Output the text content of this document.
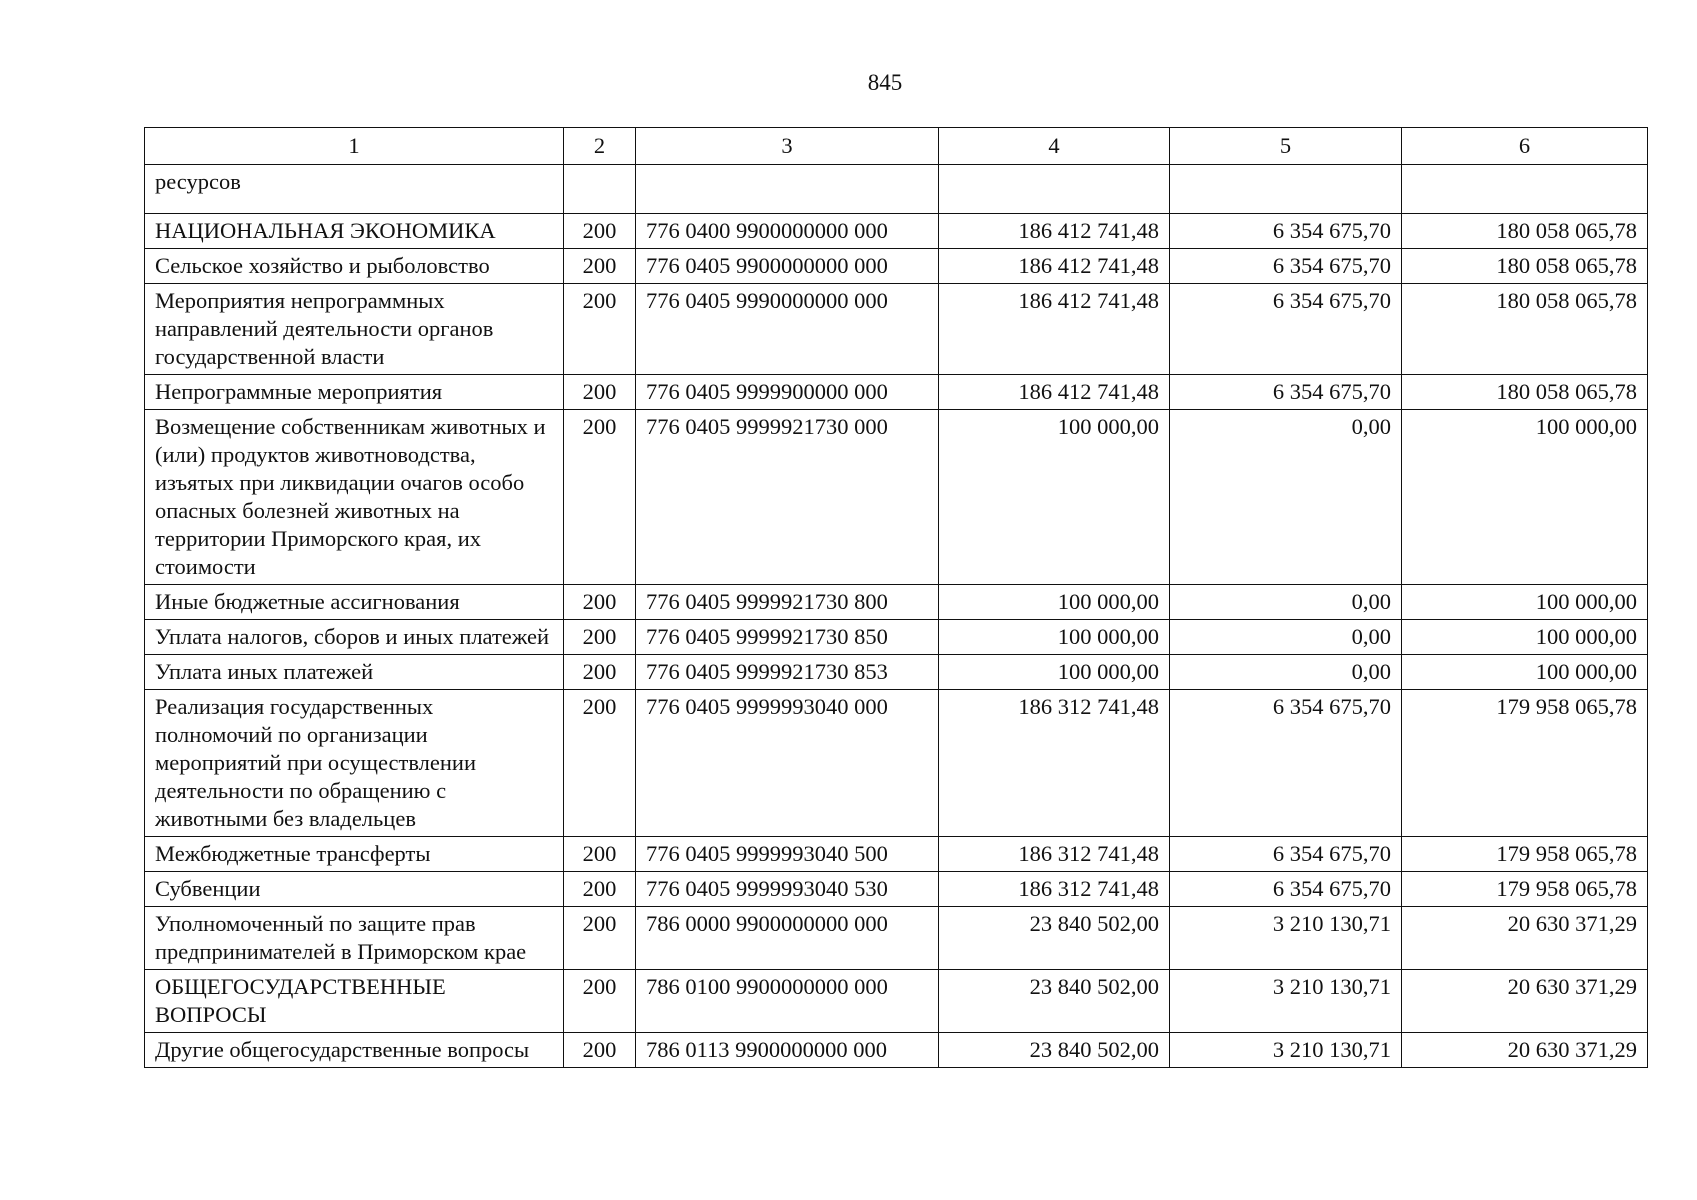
845
1	2	3	4	5	6
ресурсов					
НАЦИОНАЛЬНАЯ ЭКОНОМИКА	200	776 0400 9900000000 000	186 412 741,48	6 354 675,70	180 058 065,78
Сельское хозяйство и рыболовство	200	776 0405 9900000000 000	186 412 741,48	6 354 675,70	180 058 065,78
Мероприятия непрограммных направлений деятельности органов государственной власти	200	776 0405 9990000000 000	186 412 741,48	6 354 675,70	180 058 065,78
Непрограммные мероприятия	200	776 0405 9999900000 000	186 412 741,48	6 354 675,70	180 058 065,78
Возмещение собственникам животных и (или) продуктов животноводства, изъятых при ликвидации очагов особо опасных болезней животных на территории Приморского края, их стоимости	200	776 0405 9999921730 000	100 000,00	0,00	100 000,00
Иные бюджетные ассигнования	200	776 0405 9999921730 800	100 000,00	0,00	100 000,00
Уплата налогов, сборов и иных платежей	200	776 0405 9999921730 850	100 000,00	0,00	100 000,00
Уплата иных платежей	200	776 0405 9999921730 853	100 000,00	0,00	100 000,00
Реализация государственных полномочий по организации мероприятий при осуществлении деятельности по обращению с животными без владельцев	200	776 0405 9999993040 000	186 312 741,48	6 354 675,70	179 958 065,78
Межбюджетные трансферты	200	776 0405 9999993040 500	186 312 741,48	6 354 675,70	179 958 065,78
Субвенции	200	776 0405 9999993040 530	186 312 741,48	6 354 675,70	179 958 065,78
Уполномоченный по защите прав предпринимателей в Приморском крае	200	786 0000 9900000000 000	23 840 502,00	3 210 130,71	20 630 371,29
ОБЩЕГОСУДАРСТВЕННЫЕ ВОПРОСЫ	200	786 0100 9900000000 000	23 840 502,00	3 210 130,71	20 630 371,29
Другие общегосударственные вопросы	200	786 0113 9900000000 000	23 840 502,00	3 210 130,71	20 630 371,29
